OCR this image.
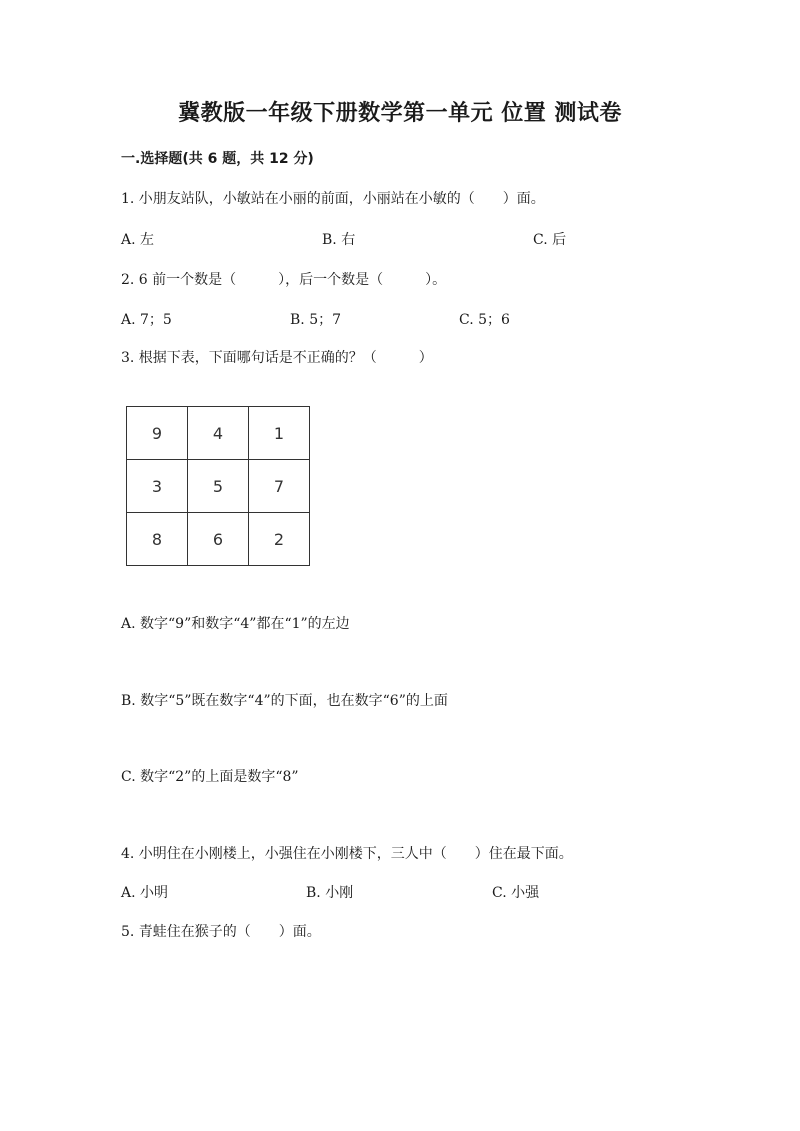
冀教版一年级下册数学第一单元 位置 测试卷
一.选择题(共 6 题，共 12 分)
1. 小朋友站队，小敏站在小丽的前面，小丽站在小敏的（　　）面。
A. 左	B. 右	C. 后
2. 6 前一个数是（　　　），后一个数是（　　　）。
A. 7；5	B. 5；7	C. 5；6
3. 根据下表，下面哪句话是不正确的？（　　　）
9	4	1
3	5	7
8	6	2
A. 数字“9”和数字“4”都在“1”的左边
B. 数字“5”既在数字“4”的下面，也在数字“6”的上面
C. 数字“2”的上面是数字“8”
4. 小明住在小刚楼上，小强住在小刚楼下，三人中（　　）住在最下面。
A. 小明	B. 小刚	C. 小强
5. 青蛙住在猴子的（　　）面。
